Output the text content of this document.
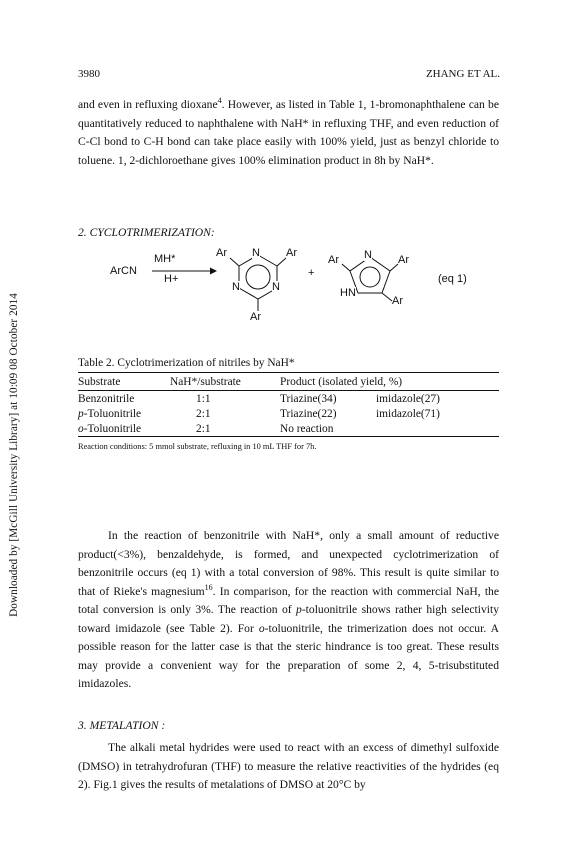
Downloaded by [McGill University Library] at 10:09 08 October 2014
3980	ZHANG ET AL.

and even in refluxing dioxane$^4$. However, as listed in Table 1, 1-bromonaphthalene can be quantitatively reduced to naphthalene with NaH* in refluxing THF, and even reduction of C-Cl bond to C-H bond can take place easily with 100% yield, just as benzyl chloride to toluene. 1, 2-dichloroethane gives 100% elimination product in 8h by NaH*.

2. CYCLOTRIMERIZATION:
ArCN
MH*
H+
N
N	N
Ar	Ar
Ar
+
N
HN
Ar	Ar
Ar
(eq 1)
Table 2. Cyclotrimerization of nitriles by NaH*
Substrate	NaH*/substrate	Product (isolated yield, %)	
Benzonitrile	1:1	Triazine(34)	imidazole(27)
p-Toluonitrile	2:1	Triazine(22)	imidazole(71)
o-Toluonitrile	2:1	No reaction	
Reaction conditions: 5 mmol substrate, refluxing in 10 mL THF for 7h.

In the reaction of benzonitrile with NaH*, only a small amount of reductive product(<3%), benzaldehyde, is formed, and unexpected cyclotrimerization of benzonitrile occurs (eq 1) with a total conversion of 98%. This result is quite similar to that of Rieke's magnesium$^{16}$. In comparison, for the reaction with commercial NaH, the total conversion is only 3%. The reaction of p-toluonitrile shows rather high selectivity toward imidazole (see Table 2). For o-toluonitrile, the trimerization does not occur. A possible reason for the latter case is that the steric hindrance is too great. These results may provide a convenient way for the preparation of some 2, 4, 5-trisubstituted imidazoles.

3. METALATION :

The alkali metal hydrides were used to react with an excess of dimethyl sulfoxide (DMSO) in tetrahydrofuran (THF) to measure the relative reactivities of the hydrides (eq 2). Fig.1 gives the results of metalations of DMSO at 20°C by
